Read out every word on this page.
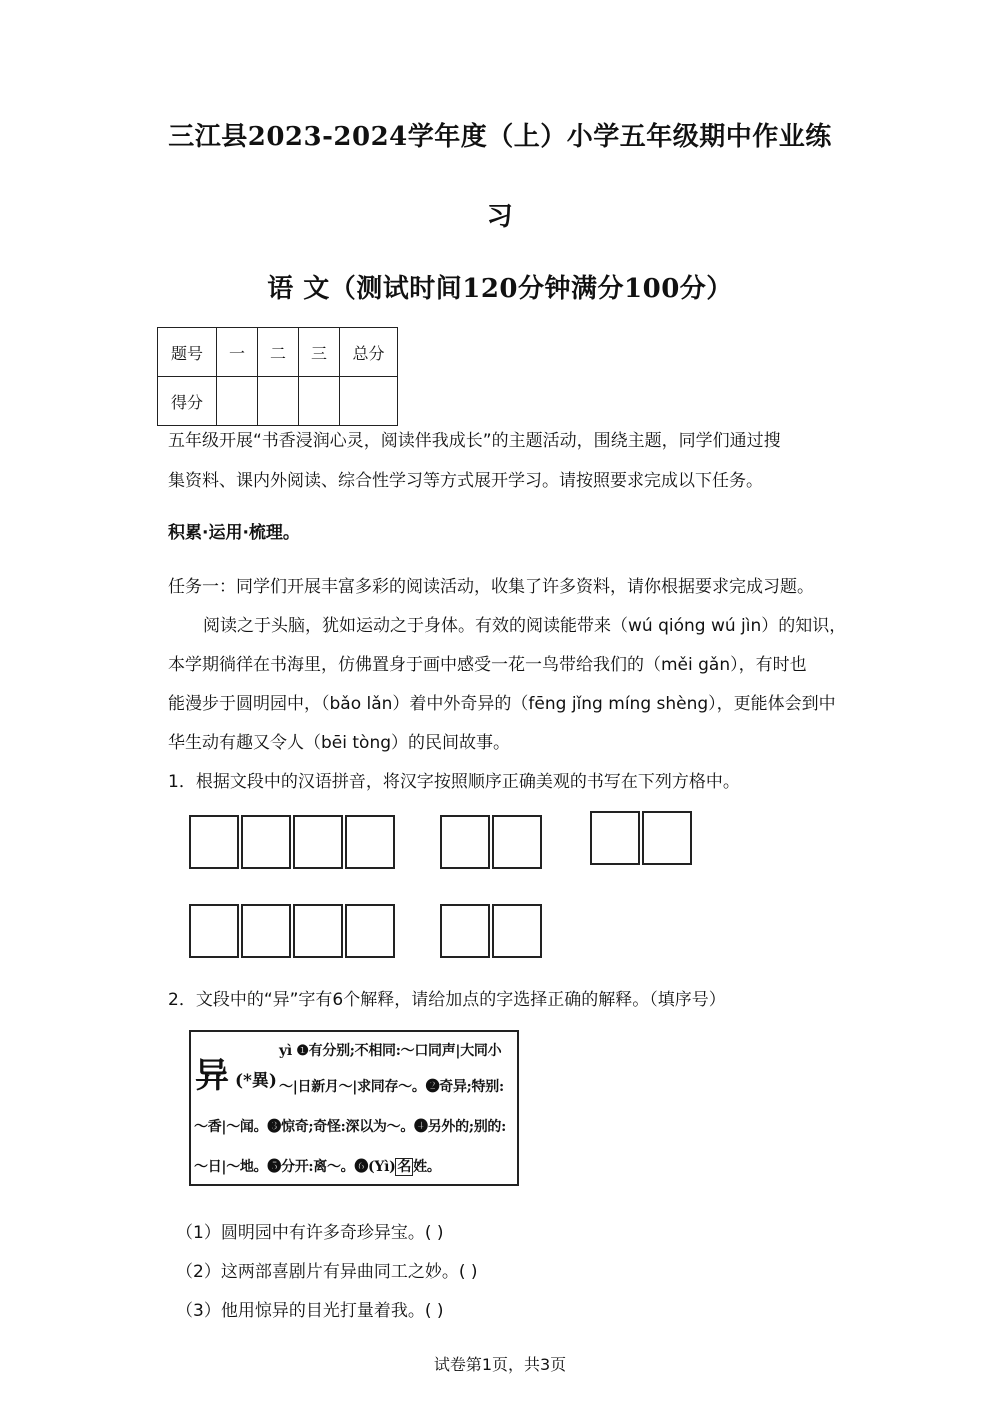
三江县2023-2024学年度（上）小学五年级期中作业练
习
语 文（测试时间120分钟满分100分）
题号	一	二	三	总分
得分				
五年级开展“书香浸润心灵，阅读伴我成长”的主题活动，围绕主题，同学们通过搜
集资料、课内外阅读、综合性学习等方式展开学习。请按照要求完成以下任务。
积累·运用·梳理。
任务一：同学们开展丰富多彩的阅读活动，收集了许多资料，请你根据要求完成习题。
阅读之于头脑，犹如运动之于身体。有效的阅读能带来（wú qióng wú jìn）的知识，
本学期徜徉在书海里，仿佛置身于画中感受一花一鸟带给我们的（měi gǎn），有时也
能漫步于圆明园中，（bǎo lǎn）着中外奇异的（fēng jǐng míng shèng），更能体会到中
华生动有趣又令人（bēi tòng）的民间故事。
1．根据文段中的汉语拼音，将汉字按照顺序正确美观的书写在下列方格中。
2．文段中的“异”字有6个解释，请给加点的字选择正确的解释。（填序号）
异 (*異)
yì ❶有分别;不相同:～口同声|大同小
～|日新月～|求同存～。❷奇异;特别:
～香|～闻。❸惊奇;奇怪:深以为～。❹另外的;别的:
～日|～地。❺分开:离～。❻(Yì) 名 姓。
（1）圆明园中有许多奇珍异宝。( )
（2）这两部喜剧片有异曲同工之妙。( )
（3）他用惊异的目光打量着我。( )
试卷第1页，共3页
